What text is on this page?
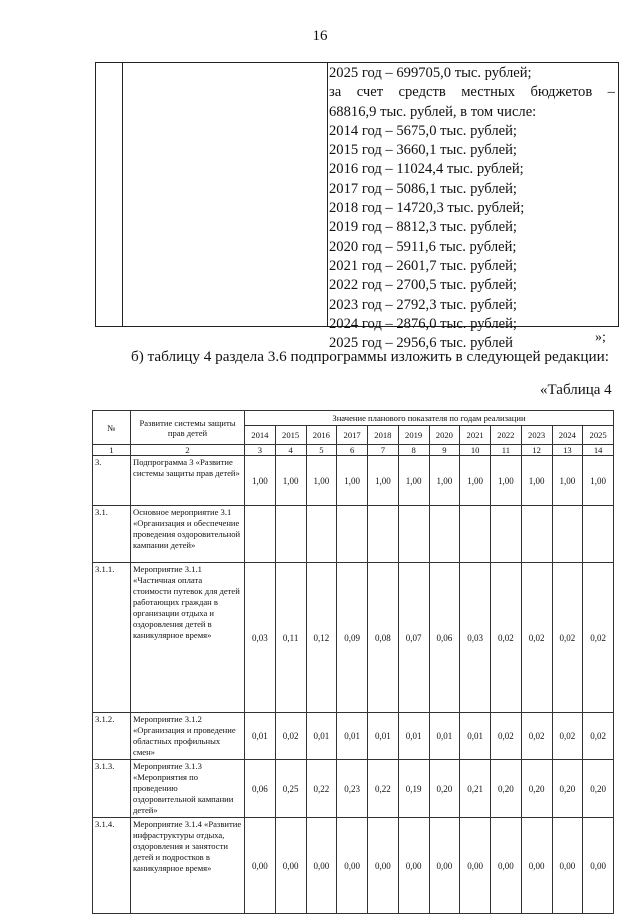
16
2025 год – 699705,0 тыс. рублей;
за счет средств местных бюджетов –
68816,9 тыс. рублей, в том числе:
2014 год – 5675,0 тыс. рублей;
2015 год – 3660,1 тыс. рублей;
2016 год – 11024,4 тыс. рублей;
2017 год – 5086,1 тыс. рублей;
2018 год – 14720,3 тыс. рублей;
2019 год – 8812,3 тыс. рублей;
2020 год – 5911,6 тыс. рублей;
2021 год – 2601,7 тыс. рублей;
2022 год – 2700,5 тыс. рублей;
2023 год – 2792,3 тыс. рублей;
2024 год – 2876,0 тыс. рублей;
2025 год – 2956,6 тыс. рублей	»;
б) таблицу 4 раздела 3.6 подпрограммы изложить в следующей редакции:
«Таблица 4
№	Развитие системы защиты прав детей	Значение планового показателя по годам реализации											
		2014	2015	2016	2017	2018	2019	2020	2021	2022	2023	2024	2025
1	2	3	4	5	6	7	8	9	10	11	12	13	14
3.	Подпрограмма 3 «Развитие системы защиты прав детей»	1,00	1,00	1,00	1,00	1,00	1,00	1,00	1,00	1,00	1,00	1,00	1,00
3.1.	Основное мероприятие 3.1 «Организация и обеспечение проведения оздоровительной кампании детей»												
3.1.1.	Мероприятие 3.1.1 «Частичная оплата стоимости путевок для детей работающих граждан в организации отдыха и оздоровления детей в каникулярное время»	0,03	0,11	0,12	0,09	0,08	0,07	0,06	0,03	0,02	0,02	0,02	0,02
3.1.2.	Мероприятие 3.1.2 «Организация и проведение областных профильных смен»	0,01	0,02	0,01	0,01	0,01	0,01	0,01	0,01	0,02	0,02	0,02	0,02
3.1.3.	Мероприятие 3.1.3 «Мероприятия по проведению оздоровительной кампании детей»	0,06	0,25	0,22	0,23	0,22	0,19	0,20	0,21	0,20	0,20	0,20	0,20
3.1.4.	Мероприятие 3.1.4 «Развитие инфраструктуры отдыха, оздоровления и занятости детей и подростков в каникулярное время»	0,00	0,00	0,00	0,00	0,00	0,00	0,00	0,00	0,00	0,00	0,00	0,00
